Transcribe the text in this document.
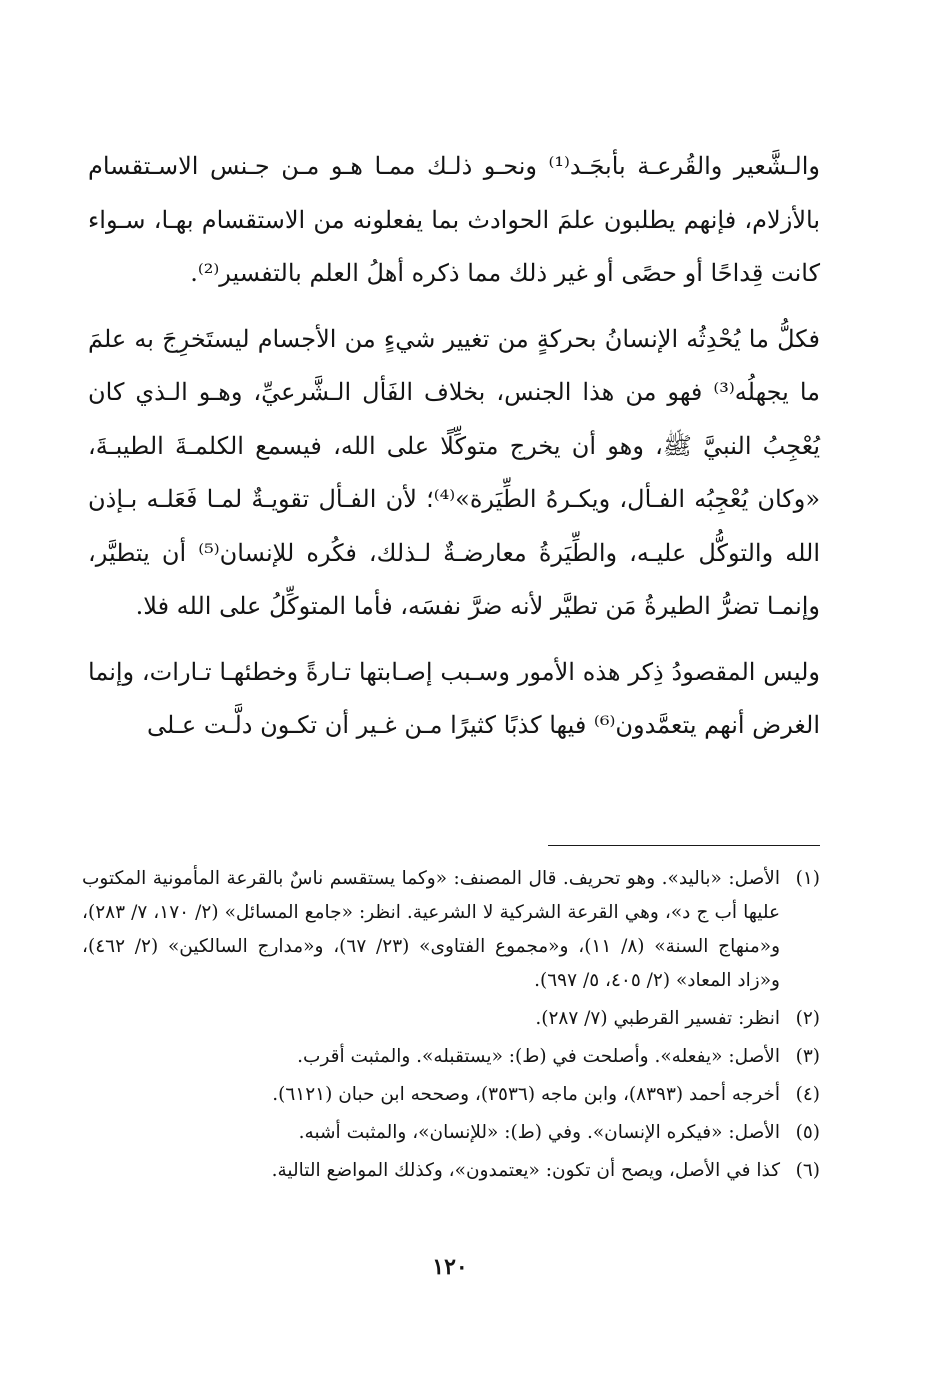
والـشَّعير والقُرعـة بأبجَـد⁽¹⁾ ونحـو ذلـك ممـا هـو مـن جـنس الاسـتقسام بالأزلام، فإنهم يطلبون علمَ الحوادث بما يفعلونه من الاستقسام بهـا، سـواء كانت قِداحًا أو حصًى أو غير ذلك مما ذكره أهلُ العلم بالتفسير⁽²⁾.

فكلُّ ما يُحْدِثُه الإنسانُ بحركةٍ من تغيير شيءٍ من الأجسام ليستَخرِجَ به علمَ ما يجهلُه⁽³⁾ فهو من هذا الجنس، بخلاف الفَأل الـشَّرعيِّ، وهـو الـذي كان يُعْجِبُ النبيَّ ﷺ، وهو أن يخرج متوكِّلًا على الله، فيسمع الكلمـةَ الطيبـةَ، «وكان يُعْجِبُه الفـأل، ويكـرهُ الطِّيَرة»⁽⁴⁾؛ لأن الفـأل تقويـةٌ لمـا فَعَلـه بـإذن الله والتوكُّل عليـه، والطِّيَرةُ معارضـةٌ لـذلك، فكُره للإنسان⁽⁵⁾ أن يتطيَّر، وإنمـا تضرُّ الطيرةُ مَن تطيَّر لأنه ضرَّ نفسَه، فأما المتوكِّلُ على الله فلا.

وليس المقصودُ ذِكر هذه الأمور وسـبب إصـابتها تـارةً وخطئهـا تـارات، وإنما الغرض أنهم يتعمَّدون⁽⁶⁾ فيها كذبًا كثيرًا مـن غـير أن تكـون دلَّـت عـلى

(١)
الأصل: «باليد». وهو تحريف. قال المصنف: «وكما يستقسم ناسٌ بالقرعة المأمونية المكتوب عليها أب ج د»، وهي القرعة الشركية لا الشرعية. انظر: «جامع المسائل» (٢/ ١٧٠، ٧/ ٢٨٣)، و«منهاج السنة» (٨/ ١١)، و«مجموع الفتاوى» (٢٣/ ٦٧)، و«مدارج السالكين» (٢/ ٤٦٢)، و«زاد المعاد» (٢/ ٤٠٥، ٥/ ٦٩٧).
(٢)
انظر: تفسير القرطبي (٧/ ٢٨٧).
(٣)
الأصل: «يفعله». وأصلحت في (ط): «يستقبله». والمثبت أقرب.
(٤)
أخرجه أحمد (٨٣٩٣)، وابن ماجه (٣٥٣٦)، وصححه ابن حبان (٦١٢١).
(٥)
الأصل: «فيكره الإنسان». وفي (ط): «للإنسان»، والمثبت أشبه.
(٦)
كذا في الأصل، ويصح أن تكون: «يعتمدون»، وكذلك المواضع التالية.
١٢٠
